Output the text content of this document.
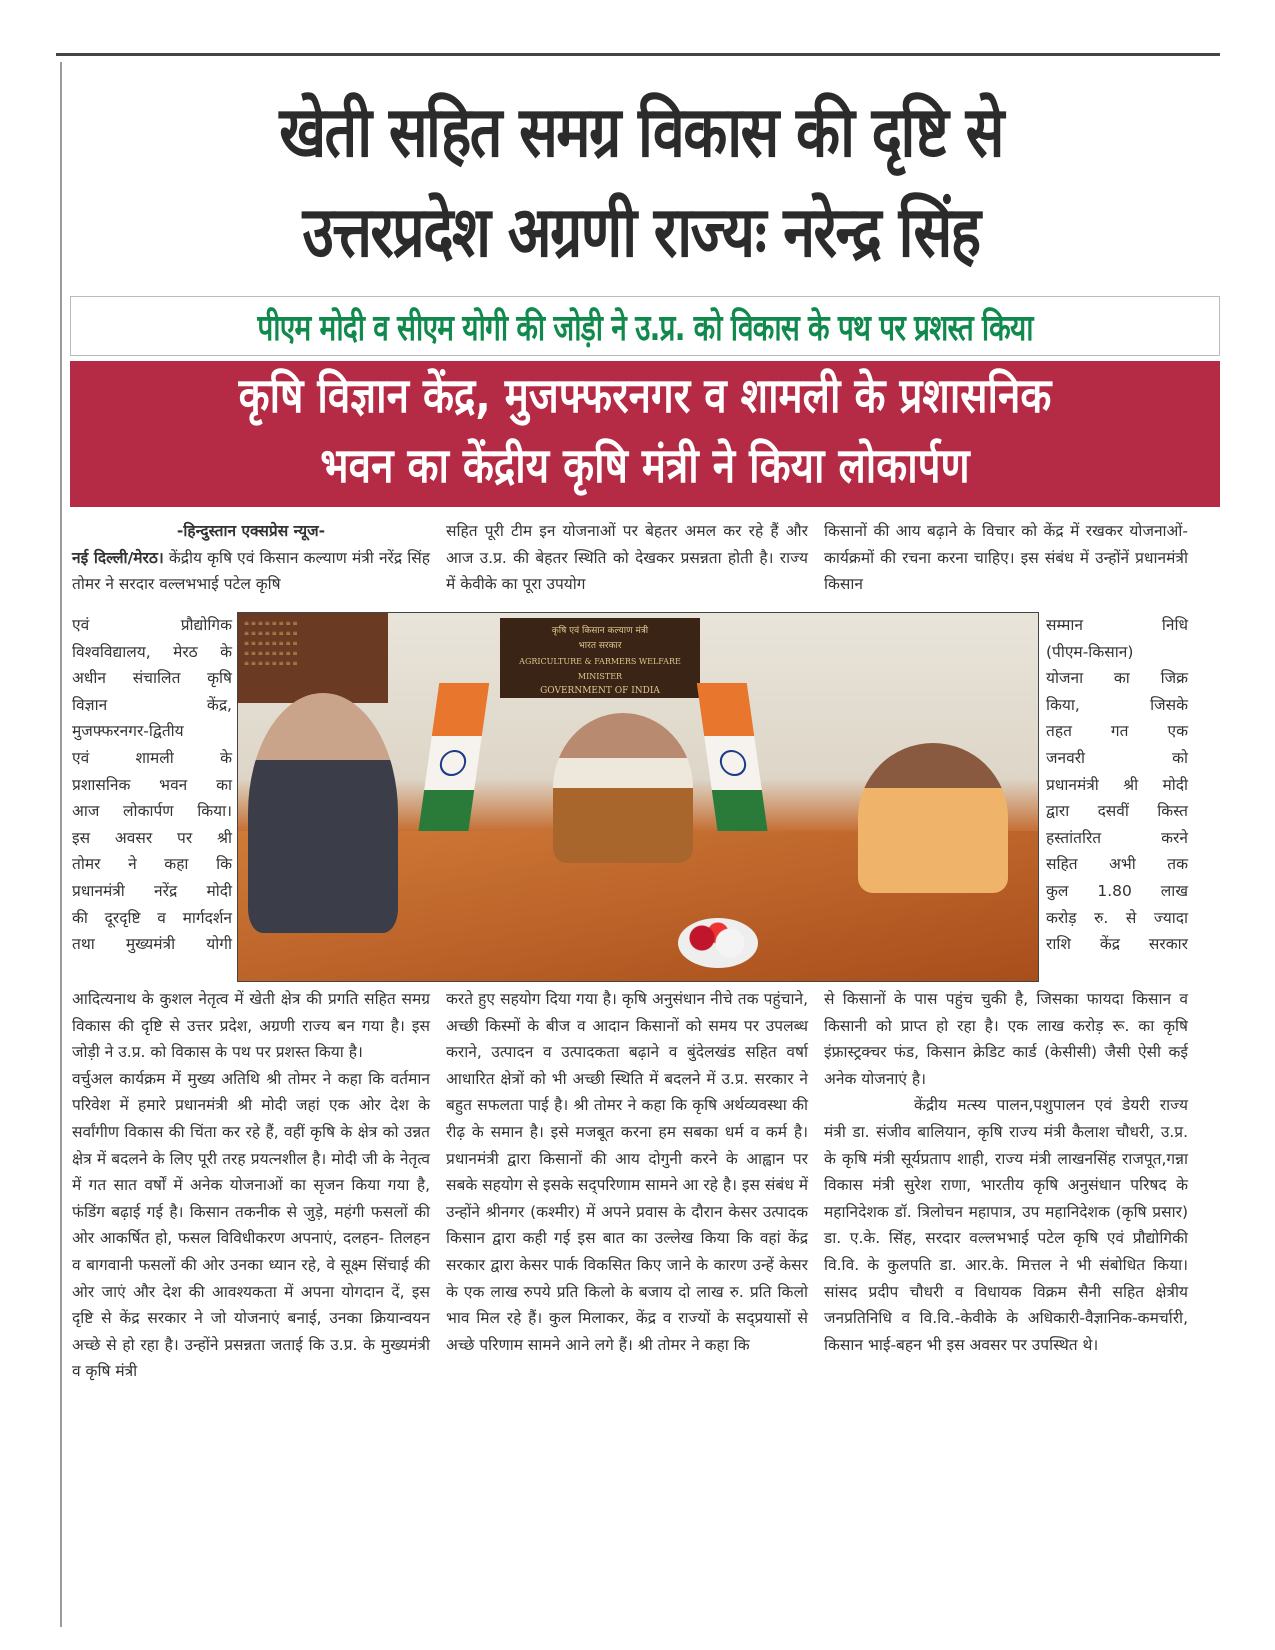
खेती सहित समग्र विकास की दृष्टि से
उत्तरप्रदेश अग्रणी राज्यः नरेन्द्र सिंह
पीएम मोदी व सीएम योगी की जोड़ी ने उ.प्र. को विकास के पथ पर प्रशस्त किया
कृषि विज्ञान केंद्र, मुजफ्फरनगर व शामली के प्रशासनिक
भवन का केंद्रीय कृषि मंत्री ने किया लोकार्पण

-हिन्दुस्तान एक्सप्रेस न्यूज-

नई दिल्ली/मेरठ। केंद्रीय कृषि एवं किसान कल्याण मंत्री नरेंद्र सिंह तोमर ने सरदार वल्लभभाई पटेल कृषि

एवं प्रौद्योगिक

विश्वविद्यालय, मेरठ के

अधीन संचालित कृषि

विज्ञान केंद्र,

मुजफ्फरनगर-द्वितीय

एवं शामली के

प्रशासनिक भवन का

आज लोकार्पण किया।

इस अवसर पर श्री

तोमर ने कहा कि

प्रधानमंत्री नरेंद्र मोदी

की दूरदृष्टि व मार्गदर्शन

तथा मुख्यमंत्री योगी

सहित पूरी टीम इन योजनाओं पर बेहतर अमल कर रहे हैं और आज उ.प्र. की बेहतर स्थिति को देखकर प्रसन्नता होती है। राज्य में केवीके का पूरा उपयोग

किसानों की आय बढ़ाने के विचार को केंद्र में रखकर योजनाओं-कार्यक्रमों की रचना करना चाहिए। इस संबंध में उन्होंनें प्रधानमंत्री किसान

सम्मान निधि

(पीएम-किसान)

योजना का जिक्र

किया, जिसके

तहत गत एक

जनवरी को

प्रधानमंत्री श्री मोदी

द्वारा दसवीं किस्त

हस्तांतरित करने

सहित अभी तक

कुल 1.80 लाख

करोड़ रु. से ज्यादा

राशि केंद्र सरकार

≡ ≡ ≡ ≡ ≡ ≡ ≡ ≡
≡ ≡ ≡ ≡ ≡ ≡ ≡ ≡
≡ ≡ ≡ ≡ ≡ ≡ ≡ ≡
≡ ≡ ≡ ≡ ≡ ≡ ≡ ≡
≡ ≡ ≡ ≡ ≡ ≡ ≡ ≡
कृषि एवं किसान कल्याण मंत्री
भारत सरकार
AGRICULTURE & FARMERS WELFARE MINISTER
GOVERNMENT OF INDIA

आदित्यनाथ के कुशल नेतृत्व में खेती क्षेत्र की प्रगति सहित समग्र विकास की दृष्टि से उत्तर प्रदेश, अग्रणी राज्य बन गया है। इस जोड़ी ने उ.प्र. को विकास के पथ पर प्रशस्त किया है।

वर्चुअल कार्यक्रम में मुख्य अतिथि श्री तोमर ने कहा कि वर्तमान परिवेश में हमारे प्रधानमंत्री श्री मोदी जहां एक ओर देश के सर्वांगीण विकास की चिंता कर रहे हैं, वहीं कृषि के क्षेत्र को उन्नत क्षेत्र में बदलने के लिए पूरी तरह प्रयत्नशील है। मोदी जी के नेतृत्व में गत सात वर्षों में अनेक योजनाओं का सृजन किया गया है, फंडिंग बढ़ाई गई है। किसान तकनीक से जुड़े, महंगी फसलों की ओर आकर्षित हो, फसल विविधीकरण अपनाएं, दलहन- तिलहन व बागवानी फसलों की ओर उनका ध्यान रहे, वे सूक्ष्म सिंचाई की ओर जाएं और देश की आवश्यकता में अपना योगदान दें, इस दृष्टि से केंद्र सरकार ने जो योजनाएं बनाई, उनका क्रियान्वयन अच्छे से हो रहा है। उन्होंने प्रसन्नता जताई कि उ.प्र. के मुख्यमंत्री व कृषि मंत्री

करते हुए सहयोग दिया गया है। कृषि अनुसंधान नीचे तक पहुंचाने, अच्छी किस्मों के बीज व आदान किसानों को समय पर उपलब्ध कराने, उत्पादन व उत्पादकता बढ़ाने व बुंदेलखंड सहित वर्षा आधारित क्षेत्रों को भी अच्छी स्थिति में बदलने में उ.प्र. सरकार ने बहुत सफलता पाई है। श्री तोमर ने कहा कि कृषि अर्थव्यवस्था की रीढ़ के समान है। इसे मजबूत करना हम सबका धर्म व कर्म है। प्रधानमंत्री द्वारा किसानों की आय दोगुनी करने के आह्वान पर सबके सहयोग से इसके सद्परिणाम सामने आ रहे है। इस संबंध में उन्होंने श्रीनगर (कश्मीर) में अपने प्रवास के दौरान केसर उत्पादक किसान द्वारा कही गई इस बात का उल्लेख किया कि वहां केंद्र सरकार द्वारा केसर पार्क विकसित किए जाने के कारण उन्हें केसर के एक लाख रुपये प्रति किलो के बजाय दो लाख रु. प्रति किलो भाव मिल रहे हैं। कुल मिलाकर, केंद्र व राज्यों के सद्प्रयासों से अच्छे परिणाम सामने आने लगे हैं। श्री तोमर ने कहा कि

से किसानों के पास पहुंच चुकी है, जिसका फायदा किसान व किसानी को प्राप्त हो रहा है। एक लाख करोड़ रू. का कृषि इंफ्रास्ट्रक्चर फंड, किसान क्रेडिट कार्ड (केसीसी) जैसी ऐसी कई अनेक योजनाएं है।

केंद्रीय मत्स्य पालन,पशुपालन एवं डेयरी राज्य मंत्री डा. संजीव बालियान, कृषि राज्य मंत्री कैलाश चौधरी, उ.प्र. के कृषि मंत्री सूर्यप्रताप शाही, राज्य मंत्री लाखनसिंह राजपूत,गन्ना विकास मंत्री सुरेश राणा, भारतीय कृषि अनुसंधान परिषद के महानिदेशक डॉ. त्रिलोचन महापात्र, उप महानिदेशक (कृषि प्रसार) डा. ए.के. सिंह, सरदार वल्लभभाई पटेल कृषि एवं प्रौद्योगिकी वि.वि. के कुलपति डा. आर.के. मित्तल ने भी संबोधित किया। सांसद प्रदीप चौधरी व विधायक विक्रम सैनी सहित क्षेत्रीय जनप्रतिनिधि व वि.वि.-केवीके के अधिकारी-वैज्ञानिक-कमर्चारी, किसान भाई-बहन भी इस अवसर पर उपस्थित थे।
